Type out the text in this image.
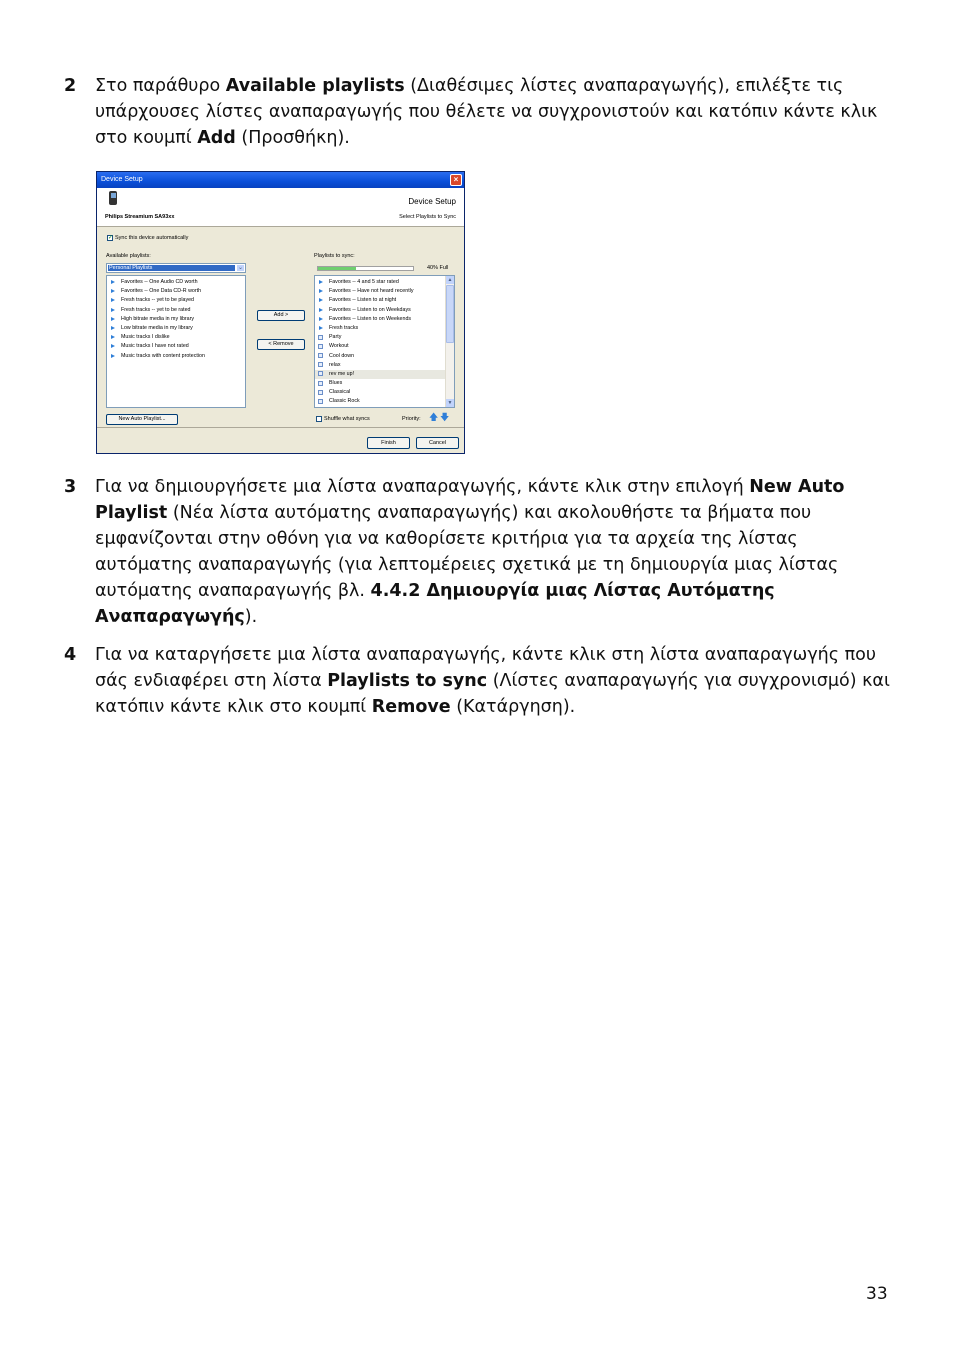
2 Στο παράθυρο Available playlists (Διαθέσιμες λίστες αναπαραγωγής), επιλέξτε τις υπάρχουσες λίστες αναπαραγωγής που θέλετε να συγχρονιστούν και κατόπιν κάντε κλικ στο κουμπί Add (Προσθήκη).
Device Setup	×
Philips Streamium SA93xx
Device Setup
Select Playlists to Sync
✓ Sync this device automatically
Available playlists:
Personal Playlists	⌄
Favorites -- One Audio CD worth
Favorites -- One Data CD-R worth
Fresh tracks -- yet to be played
Fresh tracks -- yet to be rated
High bitrate media in my library
Low bitrate media in my library
Music tracks I dislike
Music tracks I have not rated
Music tracks with content protection
Add >
< Remove
Playlists to sync:
40% Full
Favorites -- 4 and 5 star rated
Favorites -- Have not heard recently
Favorites -- Listen to at night
Favorites -- Listen to on Weekdays
Favorites -- Listen to on Weekends
Fresh tracks
Party
Workout
Cool down
relax
rev me up!
Blues
Classical
Classic Rock
▲
▼
New Auto Playlist...	Shuffle what syncs	Priority: 🡅 🡇
Finish	Cancel
3 Για να δημιουργήσετε μια λίστα αναπαραγωγής, κάντε κλικ στην επιλογή New Auto Playlist (Νέα λίστα αυτόματης αναπαραγωγής) και ακολουθήστε τα βήματα που εμφανίζονται στην οθόνη για να καθορίσετε κριτήρια για τα αρχεία της λίστας αυτόματης αναπαραγωγής (για λεπτομέρειες σχετικά με τη δημιουργία μιας λίστας αυτόματης αναπαραγωγής βλ. 4.4.2 Δημιουργία μιας Λίστας Αυτόματης Αναπαραγωγής).
4 Για να καταργήσετε μια λίστα αναπαραγωγής, κάντε κλικ στη λίστα αναπαραγωγής που σάς ενδιαφέρει στη λίστα Playlists to sync (Λίστες αναπαραγωγής για συγχρονισμό) και κατόπιν κάντε κλικ στο κουμπί Remove (Κατάργηση).
33
